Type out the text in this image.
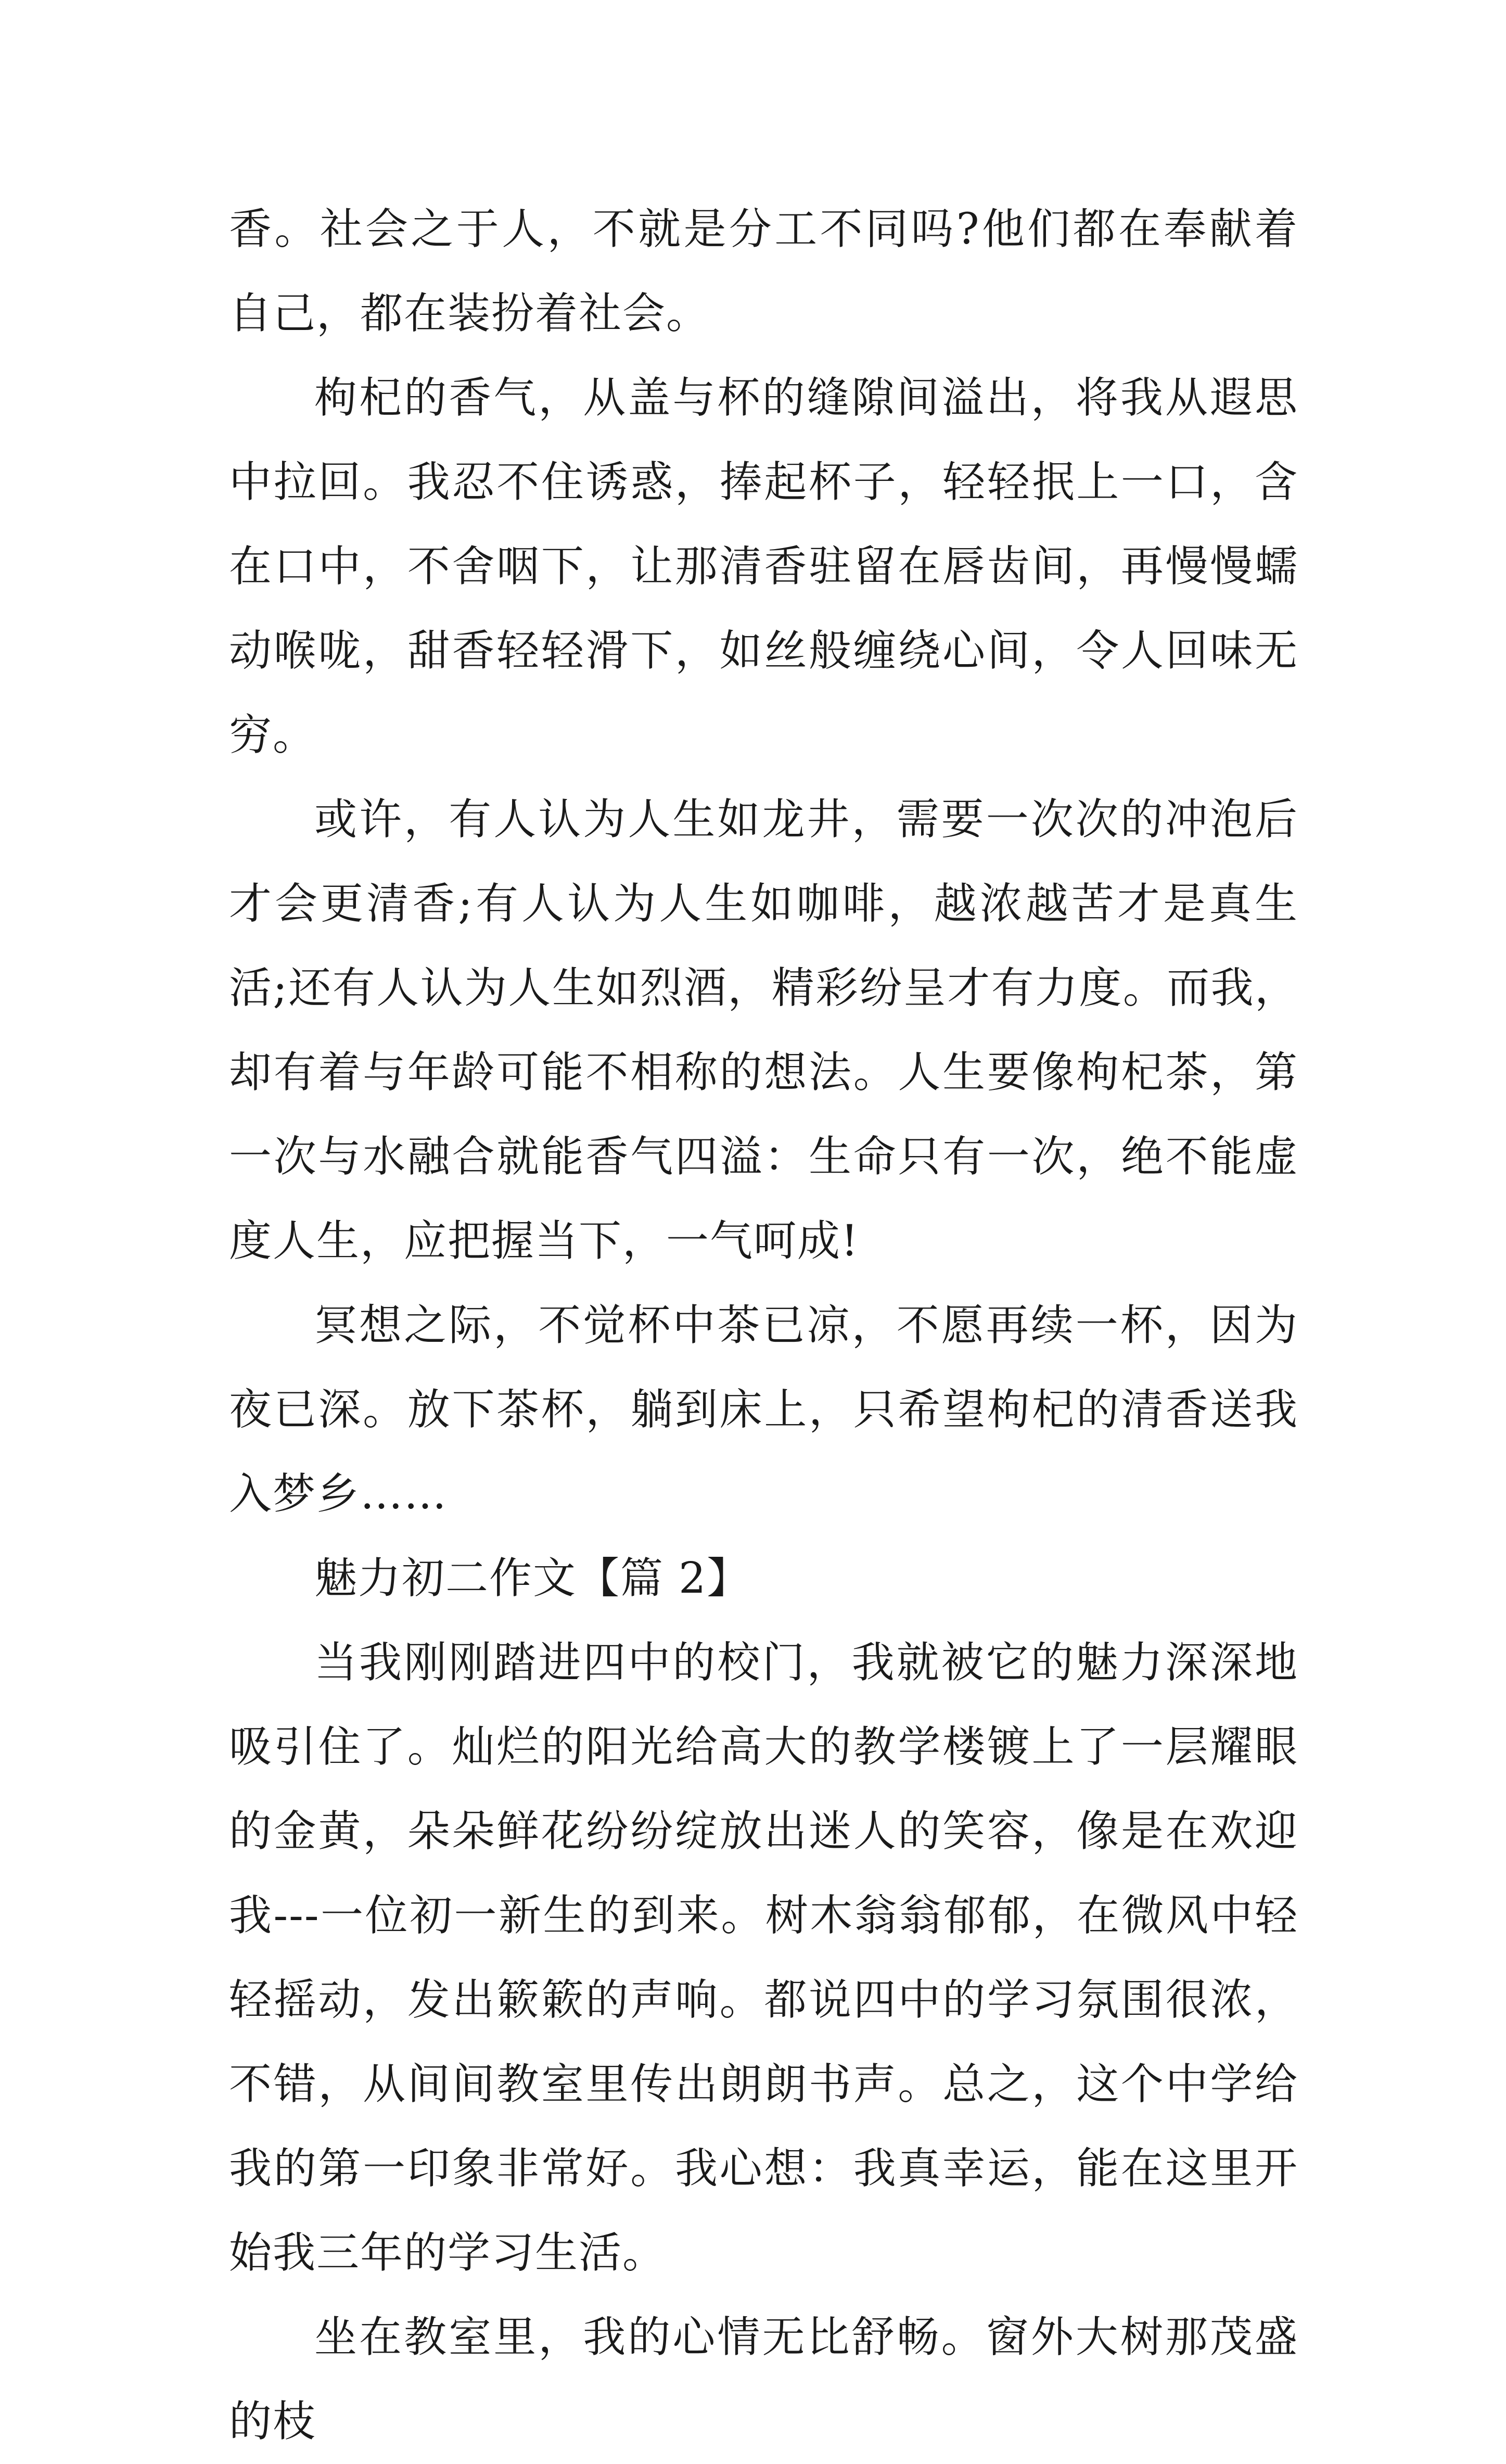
香。社会之于人，不就是分工不同吗?他们都在奉献着自己，都在装扮着社会。

枸杞的香气，从盖与杯的缝隙间溢出，将我从遐思中拉回。我忍不住诱惑，捧起杯子，轻轻抿上一口，含在口中，不舍咽下，让那清香驻留在唇齿间，再慢慢蠕动喉咙，甜香轻轻滑下，如丝般缠绕心间，令人回味无穷。

或许，有人认为人生如龙井，需要一次次的冲泡后才会更清香;有人认为人生如咖啡，越浓越苦才是真生活;还有人认为人生如烈酒，精彩纷呈才有力度。而我，却有着与年龄可能不相称的想法。人生要像枸杞茶，第一次与水融合就能香气四溢：生命只有一次，绝不能虚度人生，应把握当下，一气呵成!

冥想之际，不觉杯中茶已凉，不愿再续一杯，因为夜已深。放下茶杯，躺到床上，只希望枸杞的清香送我入梦乡……

魅力初二作文【篇 2】

当我刚刚踏进四中的校门，我就被它的魅力深深地吸引住了。灿烂的阳光给高大的教学楼镀上了一层耀眼的金黄，朵朵鲜花纷纷绽放出迷人的笑容，像是在欢迎我---一位初一新生的到来。树木翁翁郁郁，在微风中轻轻摇动，发出簌簌的声响。都说四中的学习氛围很浓，不错，从间间教室里传出朗朗书声。总之，这个中学给我的第一印象非常好。我心想：我真幸运，能在这里开始我三年的学习生活。

坐在教室里，我的心情无比舒畅。窗外大树那茂盛的枝
